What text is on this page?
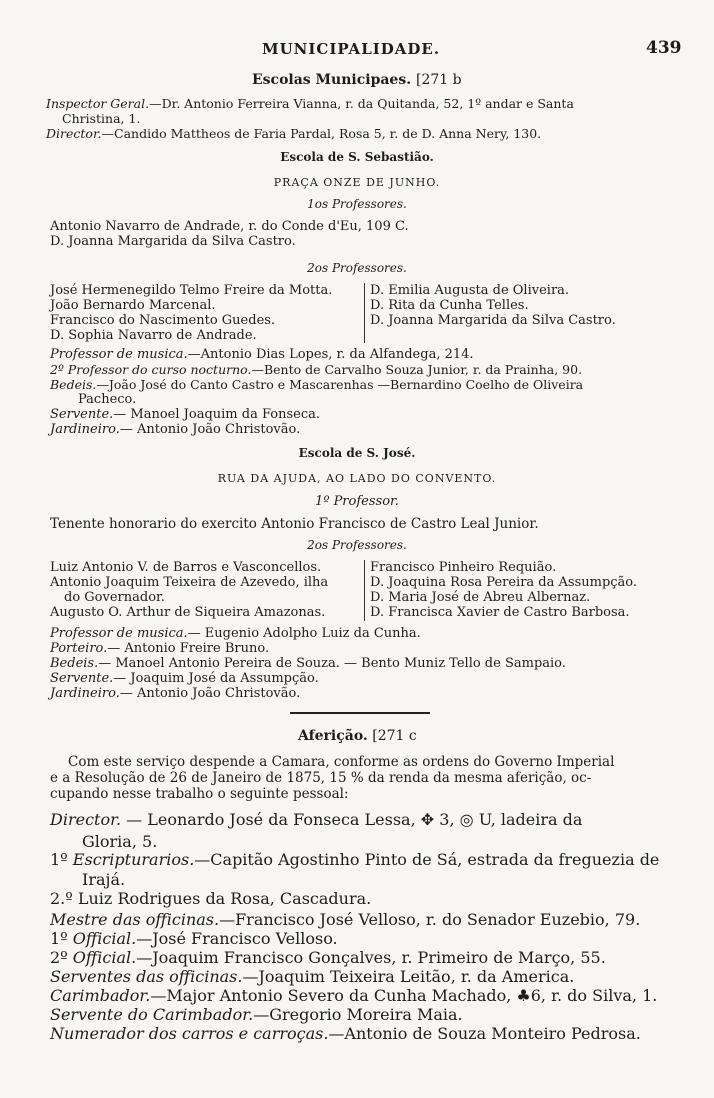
MUNICIPALIDADE.	439
Escolas Municipaes. [271 b
Inspector Geral.—Dr. Antonio Ferreira Vianna, r. da Quitanda, 52, 1º andar e Santa
Christina, 1.
Director.—Candido Mattheos de Faria Pardal, Rosa 5, r. de D. Anna Nery, 130.
Escola de S. Sebastião.
PRAÇA ONZE DE JUNHO.
1os Professores.
Antonio Navarro de Andrade, r. do Conde d'Eu, 109 C.
D. Joanna Margarida da Silva Castro.
2os Professores.
José Hermenegildo Telmo Freire da Motta.
João Bernardo Marcenal.
Francisco do Nascimento Guedes.
D. Sophia Navarro de Andrade.
D. Emilia Augusta de Oliveira.
D. Rita da Cunha Telles.
D. Joanna Margarida da Silva Castro.
Professor de musica.—Antonio Dias Lopes, r. da Alfandega, 214.
2º Professor do curso nocturno.—Bento de Carvalho Souza Junior, r. da Prainha, 90.
Bedeis.—João José do Canto Castro e Mascarenhas —Bernardino Coelho de Oliveira
Pacheco.
Servente.— Manoel Joaquim da Fonseca.
Jardineiro.— Antonio João Christovão.
Escola de S. José.
RUA DA AJUDA, AO LADO DO CONVENTO.
1º Professor.
Tenente honorario do exercito Antonio Francisco de Castro Leal Junior.
2os Professores.
Luiz Antonio V. de Barros e Vasconcellos.
Antonio Joaquim Teixeira de Azevedo, ilha
do Governador.
Augusto O. Arthur de Siqueira Amazonas.
Francisco Pinheiro Requião.
D. Joaquina Rosa Pereira da Assumpção.
D. Maria José de Abreu Albernaz.
D. Francisca Xavier de Castro Barbosa.
Professor de musica.— Eugenio Adolpho Luiz da Cunha.
Porteiro.— Antonio Freire Bruno.
Bedeis.— Manoel Antonio Pereira de Souza. — Bento Muniz Tello de Sampaio.
Servente.— Joaquim José da Assumpção.
Jardineiro.— Antonio João Christovão.
Aferição. [271 c
Com este serviço despende a Camara, conforme as ordens do Governo Imperial
e a Resolução de 26 de Janeiro de 1875, 15 % da renda da mesma aferição, oc-
cupando nesse trabalho o seguinte pessoal:
Director. — Leonardo José da Fonseca Lessa, ✥ 3, ◎ U, ladeira da
Gloria, 5.
1º Escripturarios.—Capitão Agostinho Pinto de Sá, estrada da freguezia de
Irajá.
2.º Luiz Rodrigues da Rosa, Cascadura.
Mestre das officinas.—Francisco José Velloso, r. do Senador Euzebio, 79.
1º Official.—José Francisco Velloso.
2º Official.—Joaquim Francisco Gonçalves, r. Primeiro de Março, 55.
Serventes das officinas.—Joaquim Teixeira Leitão, r. da America.
Carimbador.—Major Antonio Severo da Cunha Machado, ♣6, r. do Silva, 1.
Servente do Carimbador.—Gregorio Moreira Maia.
Numerador dos carros e carroças.—Antonio de Souza Monteiro Pedrosa.
